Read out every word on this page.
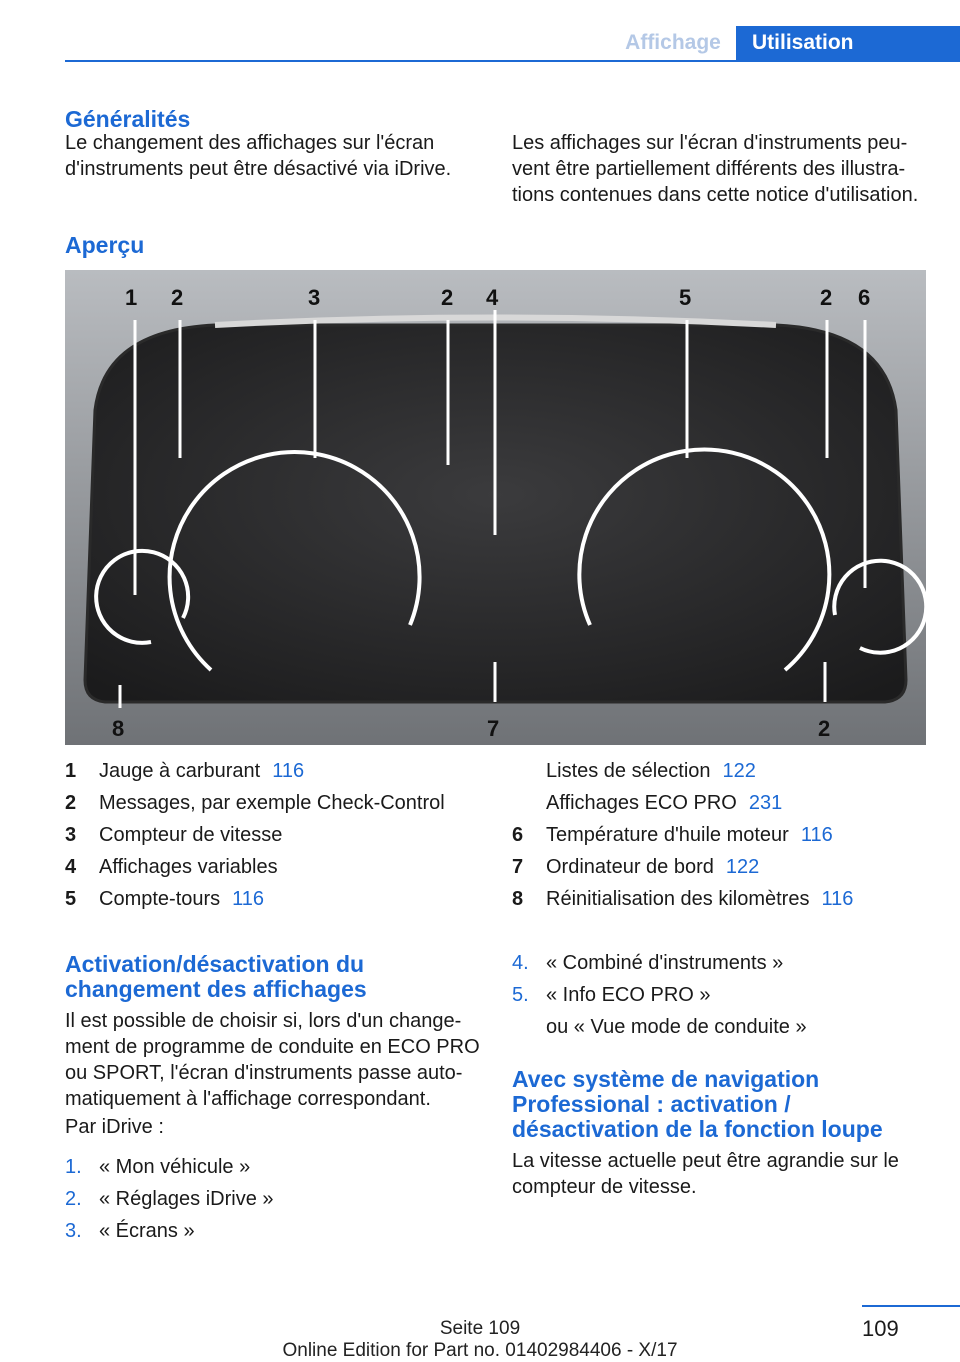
Affichage	Utilisation
Généralités
Le changement des affichages sur l'écran
d'instruments peut être désactivé via iDrive.
Les affichages sur l'écran d'instruments peu-
vent être partiellement différents des illustra-
tions contenues dans cette notice d'utilisation.
Aperçu
1 2	3	2 4	5	2 6
8	7	2
1 Jauge à carburant 116
2 Messages, par exemple Check-Control
3 Compteur de vitesse
4 Affichages variables
5 Compte-tours 116
Listes de sélection 122
Affichages ECO PRO 231
6 Température d'huile moteur 116
7 Ordinateur de bord 122
8 Réinitialisation des kilomètres 116
Activation/désactivation du
changement des affichages
Il est possible de choisir si, lors d'un change-
ment de programme de conduite en ECO PRO
ou SPORT, l'écran d'instruments passe auto-
matiquement à l'affichage correspondant.
Par iDrive :
1. « Mon véhicule »
2. « Réglages iDrive »
3. « Écrans »
4. « Combiné d'instruments »
5. « Info ECO PRO »
ou « Vue mode de conduite »
Avec système de navigation
Professional : activation /
désactivation de la fonction loupe
La vitesse actuelle peut être agrandie sur le
compteur de vitesse.
109
Seite 109
Online Edition for Part no. 01402984406 - X/17
